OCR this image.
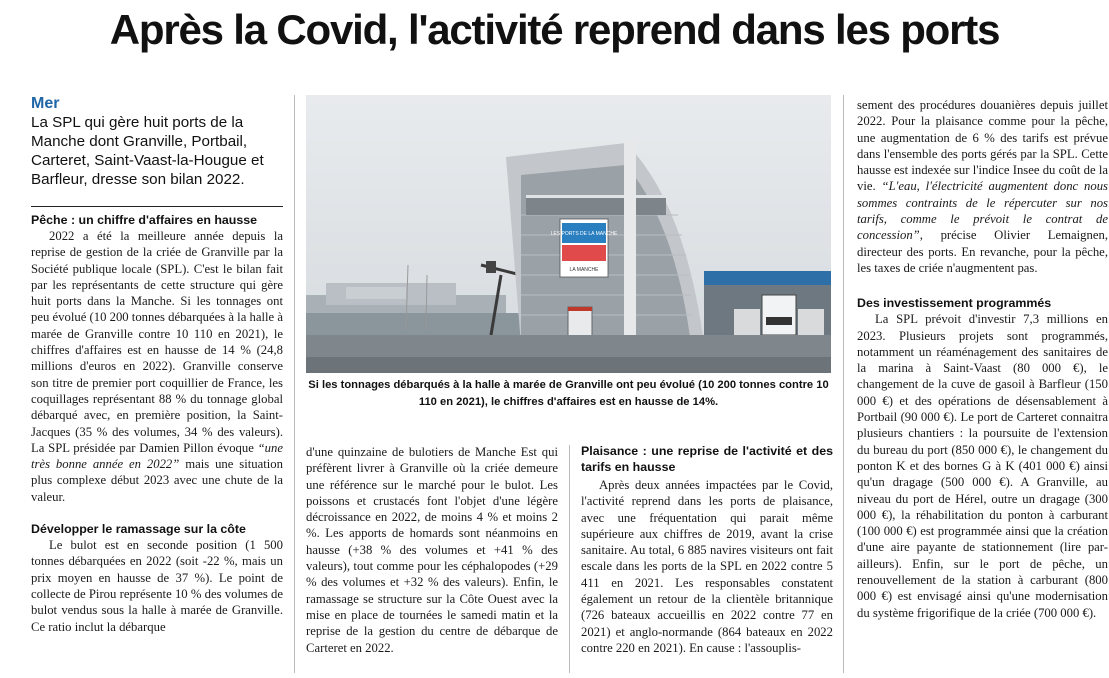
Après la Covid, l'activité reprend dans les ports
Mer
La SPL qui gère huit ports de la Manche dont Granville, Portbail, Carteret, Saint-Vaast-la-Hougue et Barfleur, dresse son bilan 2022.
Pêche : un chiffre d'affaires en hausse

2022 a été la meilleure année depuis la reprise de gestion de la criée de Granville par la Société publique locale (SPL). C'est le bilan fait par les représentants de cette structure qui gère huit ports dans la Manche. Si les tonnages ont peu évolué (10 200 tonnes débarquées à la halle à marée de Granville contre 10 110 en 2021), le chiffres d'affaires est en hausse de 14 % (24,8 millions d'euros en 2022). Granville conserve son titre de premier port coquillier de France, les coquillages représentant 88 % du tonnage global débarqué avec, en première position, la Saint-Jacques (35 % des volumes, 34 % des valeurs). La SPL présidée par Damien Pillon évoque “une très bonne année en 2022” mais une situation plus complexe début 2023 avec une chute de la valeur.

Développer le ramassage sur la côte

Le bulot est en seconde position (1 500 tonnes débarquées en 2022 (soit -22 %, mais un prix moyen en hausse de 37 %). Le point de collecte de Pirou représente 10 % des volumes de bulot vendus sous la halle à marée de Granville. Ce ratio inclut la débarque

LES PORTS DE LA MANCHE
LA MANCHE
Si les tonnages débarqués à la halle à marée de Granville ont peu évolué (10 200 tonnes contre 10 110 en 2021), le chiffres d'affaires est en hausse de 14%.

d'une quinzaine de bulotiers de Manche Est qui préfèrent livrer à Granville où la criée demeure une référence sur le marché pour le bulot. Les poissons et crustacés font l'objet d'une légère décroissance en 2022, de moins 4 % et moins 2 %. Les apports de homards sont néanmoins en hausse (+38 % des volumes et +41 % des valeurs), tout comme pour les céphalopodes (+29 % des volumes et +32 % des valeurs). Enfin, le ramassage se structure sur la Côte Ouest avec la mise en place de tournées le samedi matin et la reprise de la gestion du centre de débarque de Carteret en 2022.

Plaisance : une reprise de l'activité et des tarifs en hausse

Après deux années impactées par le Covid, l'activité reprend dans les ports de plaisance, avec une fréquentation qui parait même supérieure aux chiffres de 2019, avant la crise sanitaire. Au total, 6 885 navires visiteurs ont fait escale dans les ports de la SPL en 2022 contre 5 411 en 2021. Les responsables constatent également un retour de la clientèle britannique (726 bateaux accueillis en 2022 contre 77 en 2021) et anglo-normande (864 bateaux en 2022 contre 220 en 2021). En cause : l'assouplis-

sement des procédures douanières depuis juillet 2022. Pour la plaisance comme pour la pêche, une augmentation de 6 % des tarifs est prévue dans l'ensemble des ports gérés par la SPL. Cette hausse est indexée sur l'indice Insee du coût de la vie. “L'eau, l'électricité augmentent donc nous sommes contraints de le répercuter sur nos tarifs, comme le prévoit le contrat de concession”, précise Olivier Lemaignen, directeur des ports. En revanche, pour la pêche, les taxes de criée n'augmentent pas.

Des investissement programmés

La SPL prévoit d'investir 7,3 millions en 2023. Plusieurs projets sont programmés, notamment un réaménagement des sanitaires de la marina à Saint-Vaast (80 000 €), le changement de la cuve de gasoil à Barfleur (150 000 €) et des opérations de désensablement à Portbail (90 000 €). Le port de Carteret connaitra plusieurs chantiers : la poursuite de l'extension du bureau du port (850 000 €), le changement du ponton K et des bornes G à K (401 000 €) ainsi qu'un dragage (500 000 €). A Granville, au niveau du port de Hérel, outre un dragage (300 000 €), la réhabilitation du ponton à carburant (100 000 €) est programmée ainsi que la création d'une aire payante de stationnement (lire par-ailleurs). Enfin, sur le port de pêche, un renouvellement de la station à carburant (800 000 €) est envisagé ainsi qu'une modernisation du système frigorifique de la criée (700 000 €).
